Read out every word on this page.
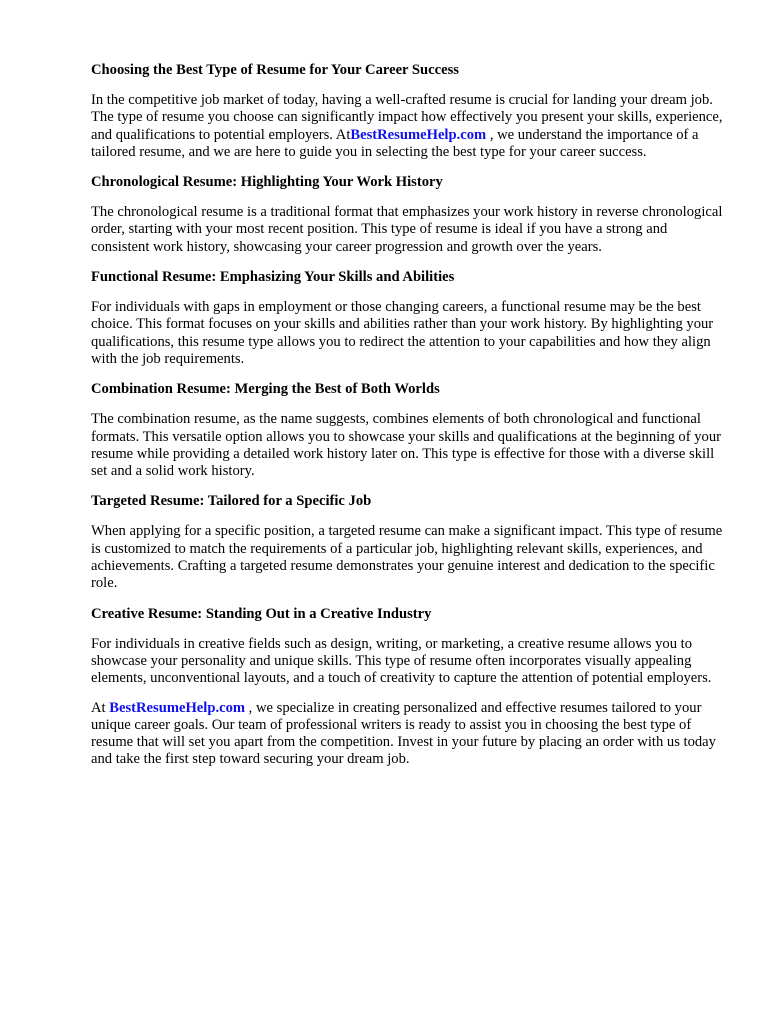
Choosing the Best Type of Resume for Your Career Success

In the competitive job market of today, having a well-crafted resume is crucial for landing your dream job. The type of resume you choose can significantly impact how effectively you present your skills, experience, and qualifications to potential employers. AtBestResumeHelp.com , we understand the importance of a tailored resume, and we are here to guide you in selecting the best type for your career success.

Chronological Resume: Highlighting Your Work History

The chronological resume is a traditional format that emphasizes your work history in reverse chronological order, starting with your most recent position. This type of resume is ideal if you have a strong and consistent work history, showcasing your career progression and growth over the years.

Functional Resume: Emphasizing Your Skills and Abilities

For individuals with gaps in employment or those changing careers, a functional resume may be the best choice. This format focuses on your skills and abilities rather than your work history. By highlighting your qualifications, this resume type allows you to redirect the attention to your capabilities and how they align with the job requirements.

Combination Resume: Merging the Best of Both Worlds

The combination resume, as the name suggests, combines elements of both chronological and functional formats. This versatile option allows you to showcase your skills and qualifications at the beginning of your resume while providing a detailed work history later on. This type is effective for those with a diverse skill set and a solid work history.

Targeted Resume: Tailored for a Specific Job

When applying for a specific position, a targeted resume can make a significant impact. This type of resume is customized to match the requirements of a particular job, highlighting relevant skills, experiences, and achievements. Crafting a targeted resume demonstrates your genuine interest and dedication to the specific role.

Creative Resume: Standing Out in a Creative Industry

For individuals in creative fields such as design, writing, or marketing, a creative resume allows you to showcase your personality and unique skills. This type of resume often incorporates visually appealing elements, unconventional layouts, and a touch of creativity to capture the attention of potential employers.

At BestResumeHelp.com , we specialize in creating personalized and effective resumes tailored to your unique career goals. Our team of professional writers is ready to assist you in choosing the best type of resume that will set you apart from the competition. Invest in your future by placing an order with us today and take the first step toward securing your dream job.
